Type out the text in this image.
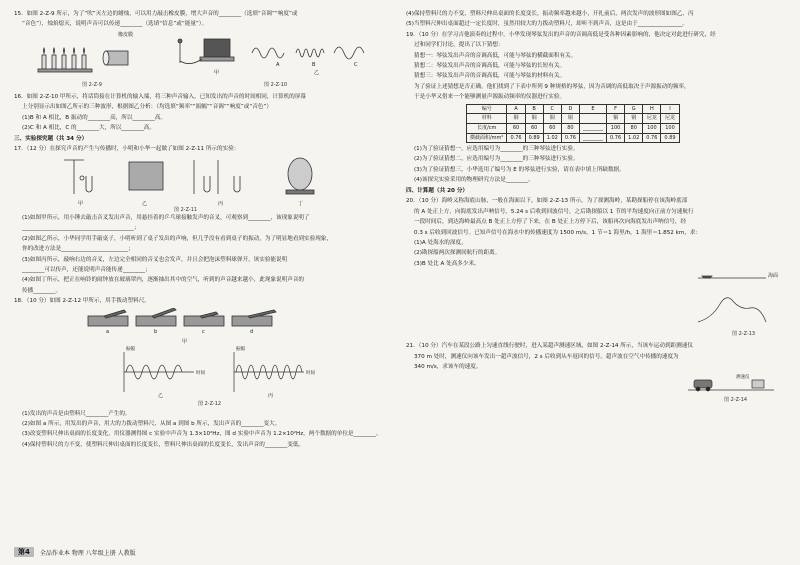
15．如图 2-Z-9 所示，为了“吹”灭左边的蜡烛，可以用力敲击橡皮膜，增大声音的________（选填“音调”“响度”或

“音色”），烛焰熄灭，说明声音可以传递________（选填“信息”或“能量”）。

橡皮膜
图 2-Z-9
甲
A	B	C
乙
图 2-Z-10

16．如图 2-Z-10 甲所示，将话筒接在计算机的输入端，将三种声音输入，已知发出的声音的时间相同，计算机的屏幕

上分别显示出如图乙所示的三种波形，根据图乙分析：（均选填“频率”“振幅”“音调”“响度”或“音色”）

(1)B 和 A 相比，B 振动的________高，所以________高。

(2)C 和 A 相比，C 的________大，所以________高。

三、实验探究题（共 34 分）

17．（12 分）在探究声音的产生与传播时，小明和小华一起做了如图 2-Z-11 所示的实验：

甲	乙	丙	丁
图 2-Z-11

(1)如图甲所示，用小锤去敲击音叉发出声音，用悬挂着的乒乓球接触发声的音叉，可观察到________，该现象说明了

________________________________________；

(2)如图乙所示，小华同学用手敲桌子，小明听到了桌子发出的声响，但几乎没有看到桌子的振动，为了明显地看到实验现象，

你的改进方法是________________________；

(3)如图丙所示，敲响右边的音叉，左边完全相同的音叉也会发声，并且会把泡沫塑料球弹开，该实验能说明

________可以传声，还能说明声音能传递________；

(4)如图丁所示，把正在响铃的闹钟放在玻璃罩内，逐渐抽出其中的空气，听到的声音越来越小，此现象说明声音的

传播________。

18．（10 分）如图 2-Z-12 甲所示，用手拨动塑料尺。

a	b	c	d
甲
振幅
时间
振幅
时间
乙	丙
图 2-Z-12

(1)发出的声音是由塑料尺________产生的。

(2)如图 a 所示，用发出的声音，用大的力拨动塑料尺，从图 a 到图 b 所示，发出声音的________变大。

(3)改变塑料尺伸出桌面的长度变化，用仪器测得图 c 实验中声音为 1.3×10²Hz，图 d 实验中声音为 1.2×10²Hz，两个数据的单位是________。

(4)保持塑料尺的力不变，使塑料尺伸出桌面的长度变长，塑料尺伸出桌面的长度变长，发出声音的________变低。

(4)保持塑料尺的力不变，塑料尺伸出桌面的长度变长，振动频率越来越小，开扎前后，两次发声的波形图如图乙、丙

(5)当塑料尺伸出桌面超过一定长度时，虽然用较大的力拨动塑料尺，却听不到声音，这是由于________________。

19．（10 分）在学习吉他演奏的过程中，小华发现琴弦发出的声音的音调高低是受各种因素影响的，他决定对此进行研究，经

过和同学们讨论，提出了以下猜想：

猜想一：琴弦发出声音的音调高低，可能与琴弦的横截面积有关。

猜想二：琴弦发出声音的音调高低，可能与琴弦的长短有关。

猜想三：琴弦发出声音的音调高低，可能与琴弦的材料有关。

为了验证上述猜想是否正确，他们找到了下表中所列 9 种规格的琴弦，因为音调的高低取决于声源振动的频率，

于是小华又借来一个能够测量声源振动频率的仪器进行实验。

编号	A	B	C	D	E	F	G	H	I
材料	铜	铜	铜	铜		铜	钢	尼龙	尼龙
长度/cm	60	60	60	80	________	100	80	100	100
横截面积/mm²	0.76	0.89	1.02	0.76	________	0.76	1.02	0.76	0.89

(1)为了验证猜想一，应选用编号为________的三种琴弦进行实验。

(2)为了验证猜想二，应选用编号为________的三种琴弦进行实验。

(3)为了验证猜想三，小华选用了编号为 E 的琴弦进行实验，请在表中填上所缺数据。

(4)该探究实验采用的物理研究方法是________。

四、计算题（共 20 分）

20．（10 分）海岭又称海底山脉，一般在海面以下，如图 2-Z-13 所示，为了探测海岭，某勘探船停在该海岭底部

的 A 处正上方，向海底发出声呐信号，5.24 s 后收到回波信号，之后勘探船以 1 节的平均速度向正前方匀速航行

一段时间后，到达海岭最高点 B 处正上方停了下来，在 B 处正上方停下后，该船再次向海底发出声呐信号，经

0.3 s 后收到回波信号。已知声信号在海水中的传播速度为 1500 m/s，1 节＝1 海里/h，1 海里＝1.852 km，求：

(1)A 处海水的深度。

(2)勘探船两次探测间航行的距离。

(3)B 处比 A 处高多少米。

海面
图 2-Z-13

21．（10 分）汽车在某段公路上匀速直线行驶时，进入某超声测速区域，如图 2-Z-14 所示，当该车运动到距测速仪

370 m 处时，测速仪向该车发出一超声波信号，2 s 后收到从车返回的信号。超声波在空气中传播的速度为

340 m/s，求该车的速度。

测速仪
图 2-Z-14
第4	全品作业本 物理 八年级上册 人教版
